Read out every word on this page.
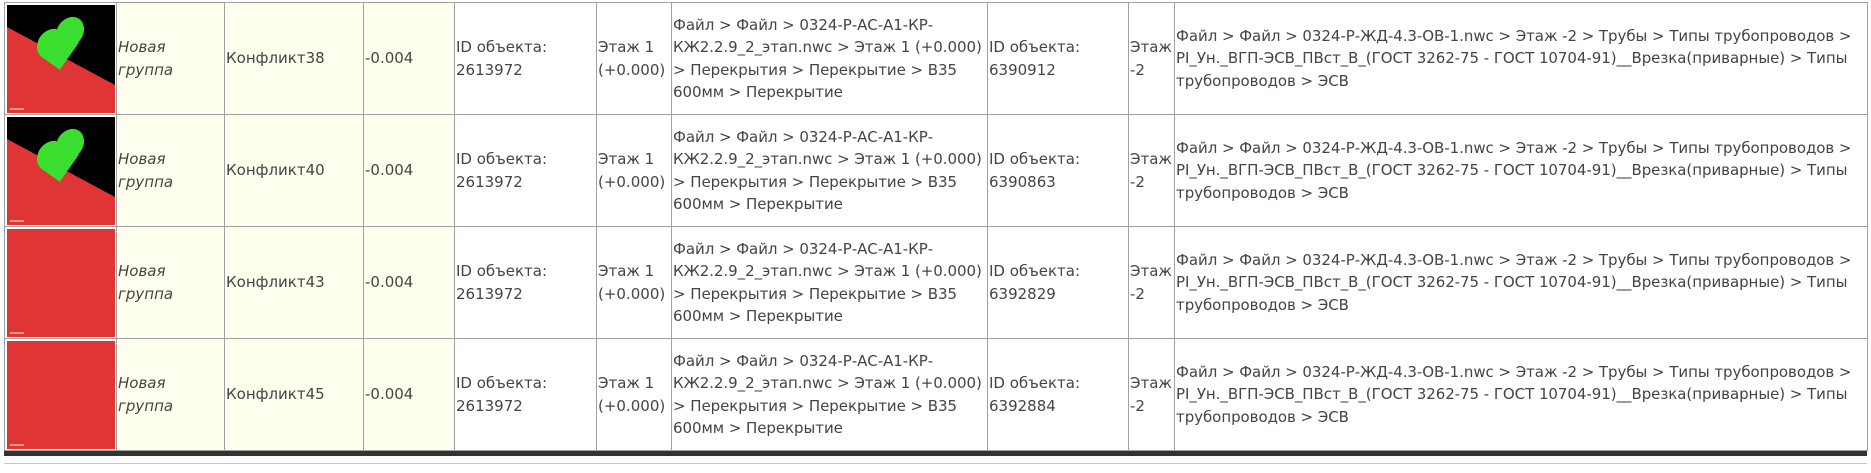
	Новая группа	Конфликт38	-0.004	ID объекта: 2613972	Этаж 1 (+0.000)	Файл > Файл > 0324-Р-АС-А1-КР-КЖ2.2.9_2_этап.nwc > Этаж 1 (+0.000) > Перекрытия > Перекрытие > B35 600мм > Перекрытие	ID объекта: 6390912	Этаж -2	Файл > Файл > 0324-Р-ЖД-4.3-ОВ-1.nwc > Этаж -2 > Трубы > Типы трубопроводов > PI_Ун._ВГП-ЭСВ_ПВст_В_(ГОСТ 3262-75 - ГОСТ 10704-91)__Врезка(приварные) > Типы трубопроводов > ЭСВ

	Новая группа	Конфликт40	-0.004	ID объекта: 2613972	Этаж 1 (+0.000)	Файл > Файл > 0324-Р-АС-А1-КР-КЖ2.2.9_2_этап.nwc > Этаж 1 (+0.000) > Перекрытия > Перекрытие > B35 600мм > Перекрытие	ID объекта: 6390863	Этаж -2	Файл > Файл > 0324-Р-ЖД-4.3-ОВ-1.nwc > Этаж -2 > Трубы > Типы трубопроводов > PI_Ун._ВГП-ЭСВ_ПВст_В_(ГОСТ 3262-75 - ГОСТ 10704-91)__Врезка(приварные) > Типы трубопроводов > ЭСВ

	Новая группа	Конфликт43	-0.004	ID объекта: 2613972	Этаж 1 (+0.000)	Файл > Файл > 0324-Р-АС-А1-КР-КЖ2.2.9_2_этап.nwc > Этаж 1 (+0.000) > Перекрытия > Перекрытие > B35 600мм > Перекрытие	ID объекта: 6392829	Этаж -2	Файл > Файл > 0324-Р-ЖД-4.3-ОВ-1.nwc > Этаж -2 > Трубы > Типы трубопроводов > PI_Ун._ВГП-ЭСВ_ПВст_В_(ГОСТ 3262-75 - ГОСТ 10704-91)__Врезка(приварные) > Типы трубопроводов > ЭСВ

	Новая группа	Конфликт45	-0.004	ID объекта: 2613972	Этаж 1 (+0.000)	Файл > Файл > 0324-Р-АС-А1-КР-КЖ2.2.9_2_этап.nwc > Этаж 1 (+0.000) > Перекрытия > Перекрытие > B35 600мм > Перекрытие	ID объекта: 6392884	Этаж -2	Файл > Файл > 0324-Р-ЖД-4.3-ОВ-1.nwc > Этаж -2 > Трубы > Типы трубопроводов > PI_Ун._ВГП-ЭСВ_ПВст_В_(ГОСТ 3262-75 - ГОСТ 10704-91)__Врезка(приварные) > Типы трубопроводов > ЭСВ
